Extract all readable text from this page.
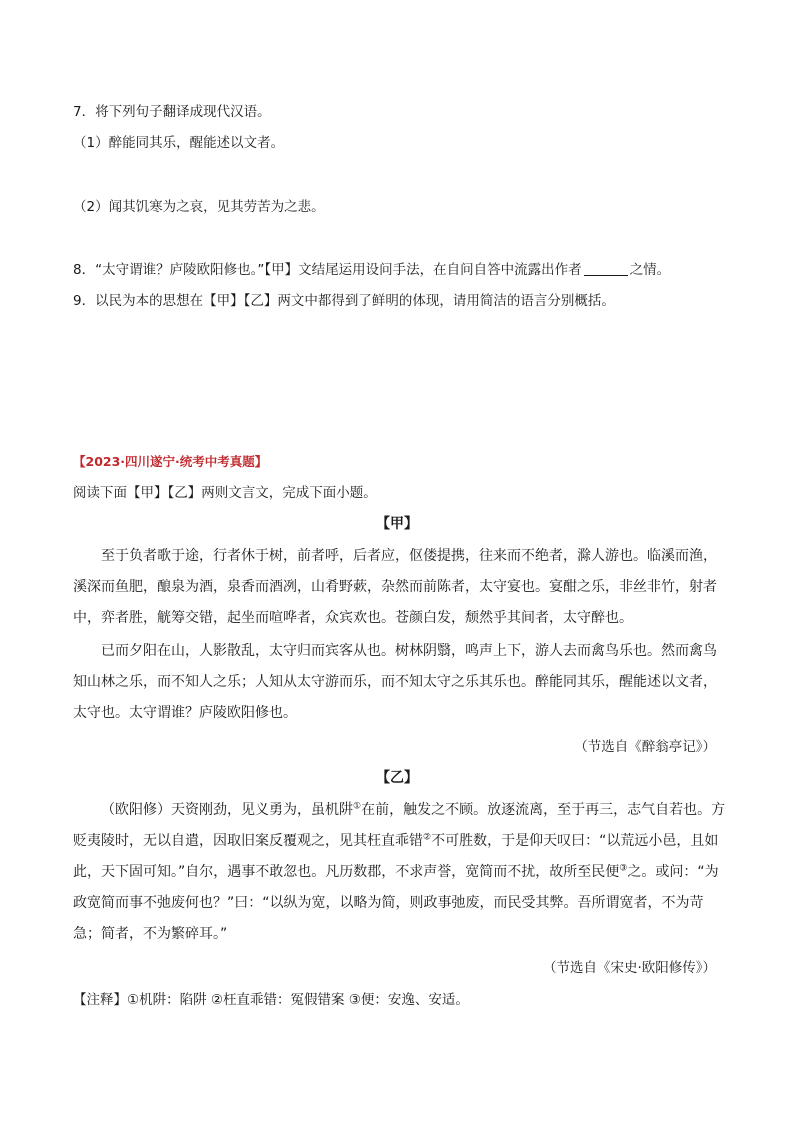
7．将下列句子翻译成现代汉语。
（1）醉能同其乐，醒能述以文者。
（2）闻其饥寒为之哀，见其劳苦为之悲。
8．“太守谓谁？庐陵欧阳修也。”【甲】文结尾运用设问手法，在自问自答中流露出作者	之情。
9．以民为本的思想在【甲】【乙】两文中都得到了鲜明的体现，请用简洁的语言分别概括。
【2023·四川遂宁·统考中考真题】
阅读下面【甲】【乙】两则文言文，完成下面小题。
【甲】
至于负者歌于途，行者休于树，前者呼，后者应，伛偻提携，往来而不绝者，滁人游也。临溪而渔，
溪深而鱼肥，酿泉为酒，泉香而酒冽，山肴野蔌，杂然而前陈者，太守宴也。宴酣之乐，非丝非竹，射者
中，弈者胜，觥筹交错，起坐而喧哗者，众宾欢也。苍颜白发，颓然乎其间者，太守醉也。
已而夕阳在山，人影散乱，太守归而宾客从也。树林阴翳，鸣声上下，游人去而禽鸟乐也。然而禽鸟
知山林之乐，而不知人之乐；人知从太守游而乐，而不知太守之乐其乐也。醉能同其乐，醒能述以文者，
太守也。太守谓谁？庐陵欧阳修也。
（节选自《醉翁亭记》）
【乙】
（欧阳修）天资刚劲，见义勇为，虽机阱①在前，触发之不顾。放逐流离，至于再三，志气自若也。方
贬夷陵时，无以自遣，因取旧案反覆观之，见其枉直乖错②不可胜数，于是仰天叹曰：“以荒远小邑，且如
此，天下固可知。”自尔，遇事不敢忽也。凡历数郡，不求声誉，宽简而不扰，故所至民便③之。或问：“为
政宽简而事不弛废何也？”曰：“以纵为宽，以略为简，则政事弛废，而民受其弊。吾所谓宽者，不为苛
急；简者，不为繁碎耳。”
（节选自《宋史·欧阳修传》）
【注释】①机阱：陷阱 ②枉直乖错：冤假错案 ③便：安逸、安适。
